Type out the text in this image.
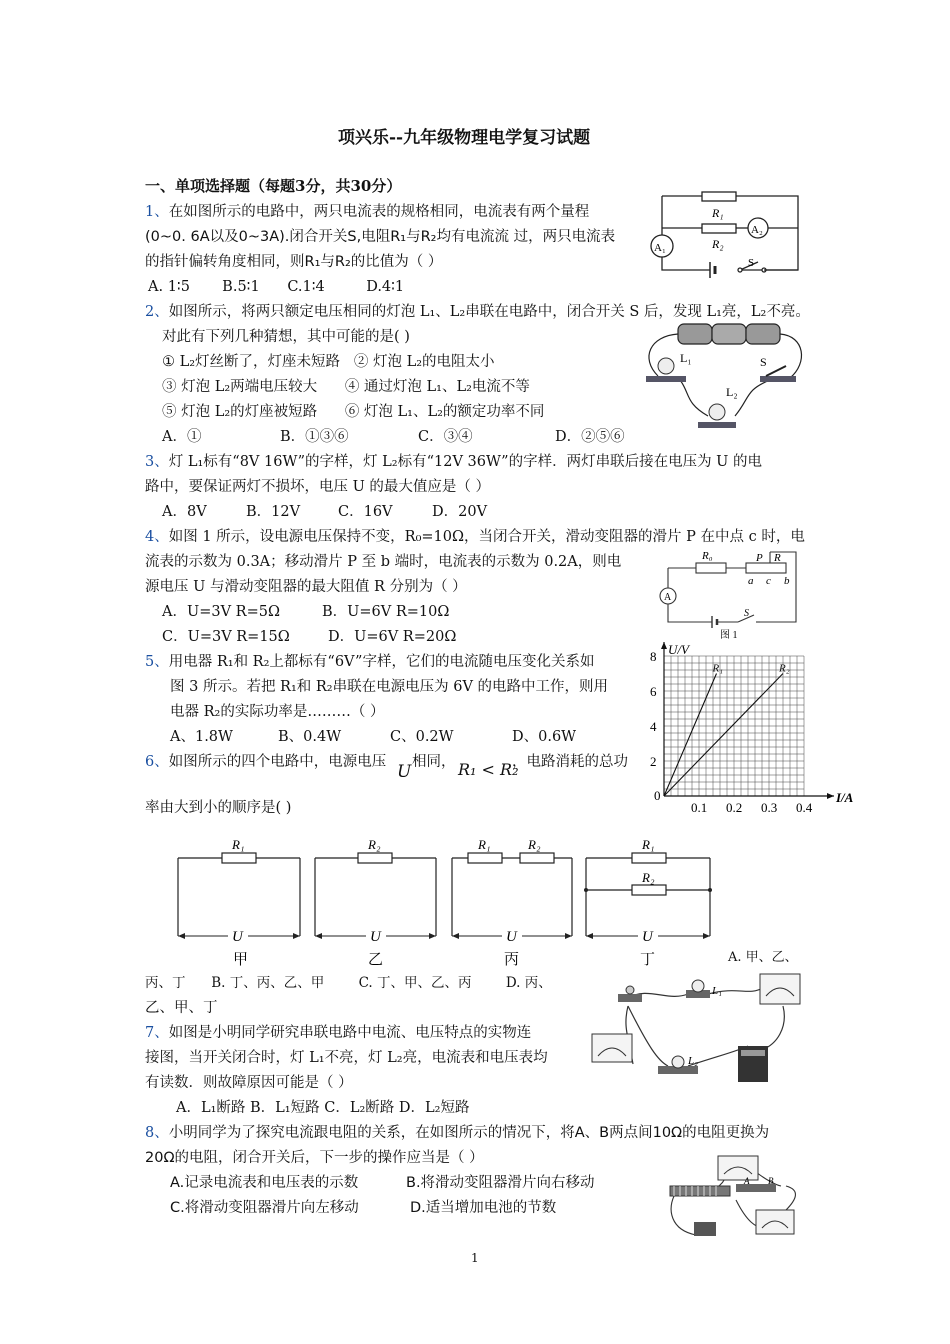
项兴乐--九年级物理电学复习试题
一、单项选择题（每题3分，共30分）
1、在如图所示的电路中，两只电流表的规格相同，电流表有两个量程
(0~0. 6A以及0~3A).闭合开关S,电阻R₁与R₂均有电流流 过，两只电流表
的指针偏转角度相同，则R₁与R₂的比值为（ ）
A. 1∶5       B.5∶1      C.1∶4         D.4∶1
R₁
R₂
A₂
A₁
S
2、如图所示，将两只额定电压相同的灯泡 L₁、L₂串联在电路中，闭合开关 S 后，发现 L₁亮，L₂不亮。
对此有下列几种猜想，其中可能的是( )
① L₂灯丝断了，灯座未短路   ② 灯泡 L₂的电阻太小
③ 灯泡 L₂两端电压较大      ④ 通过灯泡 L₁、L₂电流不等
⑤ 灯泡 L₂的灯座被短路      ⑥ 灯泡 L₁、L₂的额定功率不同
A．①	B．①③⑥	C．③④	D．②⑤⑥
L₁	S
L₂
3、灯 L₁标有“8V 16W”的字样，灯 L₂标有“12V 36W”的字样．两灯串联后接在电压为 U 的电
路中，要保证两灯不损坏，电压 U 的最大值应是（ ）
A．8V	B．12V	C．16V	D．20V
4、如图 1 所示，设电源电压保持不变，R₀=10Ω，当闭合开关，滑动变阻器的滑片 P 在中点 c 时，电
流表的示数为 0.3A；移动滑片 P 至 b 端时，电流表的示数为 0.2A，则电
源电压 U 与滑动变阻器的最大阻值 R 分别为（ ）
A．U=3V R=5Ω	B．U=6V R=10Ω
C．U=3V R=15Ω	D．U=6V R=20Ω
R₀	P R
a c b
A
S
图 1
5、用电器 R₁和 R₂上都标有“6V”字样，它们的电流随电压变化关系如
图 3 所示。若把 R₁和 R₂串联在电源电压为 6V 的电路中工作，则用
电器 R₂的实际功率是………（ ）
A、1.8W	B、0.4W	C、0.2W	D、0.6W
I/A
U/V
0
0.1 0.2 0.3 0.4
2
4
6
8
R₁	R₂
6、如图所示的四个电路中，电源电压 U 相同， R₁ < R₂
，电路消耗的总功
率由大到小的顺序是( )
R₁
U
甲
R₂
U
乙
R₁	R₂
U
丙
R₁
R₂
U
丁	A. 甲、乙、
丙、丁      B. 丁、丙、乙、甲        C. 丁、甲、乙、丙        D. 丙、
乙、甲、丁
7、如图是小明同学研究串联电路中电流、电压特点的实物连
接图，当开关闭合时，灯 L₁不亮，灯 L₂亮，电流表和电压表均
有读数．则故障原因可能是（ ）
A．L₁断路 B．L₁短路 C．L₂断路 D．L₂短路
L₁
L₂
8、小明同学为了探究电流跟电阻的关系，在如图所示的情况下，将A、B两点间10Ω的电阻更换为
20Ω的电阻，闭合开关后，下一步的操作应当是（ ）
A.记录电流表和电压表的示数	B.将滑动变阻器滑片向右移动
C.将滑动变阻器滑片向左移动	D.适当增加电池的节数
A B
1
